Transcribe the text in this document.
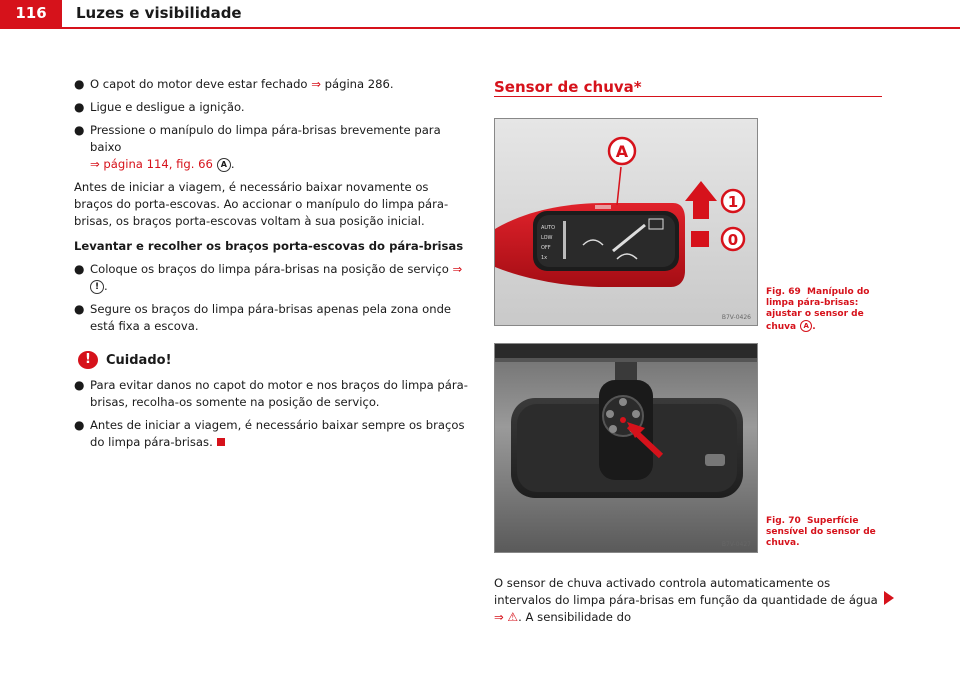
116	Luzes e visibilidade
● O capot do motor deve estar fechado ⇒ página 286.

● Ligue e desligue a ignição.

● Pressione o manípulo do limpa pára-brisas brevemente para baixo
⇒ página 114, fig. 66 A .

Antes de iniciar a viagem, é necessário baixar novamente os braços do porta-escovas. Ao accionar o manípulo do limpa pára-brisas, os braços porta-escovas voltam à sua posição inicial.

Levantar e recolher os braços porta-escovas do pára-brisas

● Coloque os braços do limpa pára-brisas na posição de serviço ⇒ ! .

● Segure os braços do limpa pára-brisas apenas pela zona onde está fixa a escova.

!	Cuidado!
● Para evitar danos no capot do motor e nos braços do limpa pára-brisas, recolha-os somente na posição de serviço.

● Antes de iniciar a viagem, é necessário baixar sempre os braços do limpa pára-brisas.

Sensor de chuva*
AUTO
LOW
OFF
1x
A
1
0
B7V-0426
Fig. 69 Manípulo do limpa pára-brisas: ajustar o sensor de chuva A .
B7V-0427
Fig. 70 Superfície sensível do sensor de chuva.
O sensor de chuva activado controla automaticamente os intervalos do limpa pára-brisas em função da quantidade de água ⇒ ⚠. A sensibilidade do
